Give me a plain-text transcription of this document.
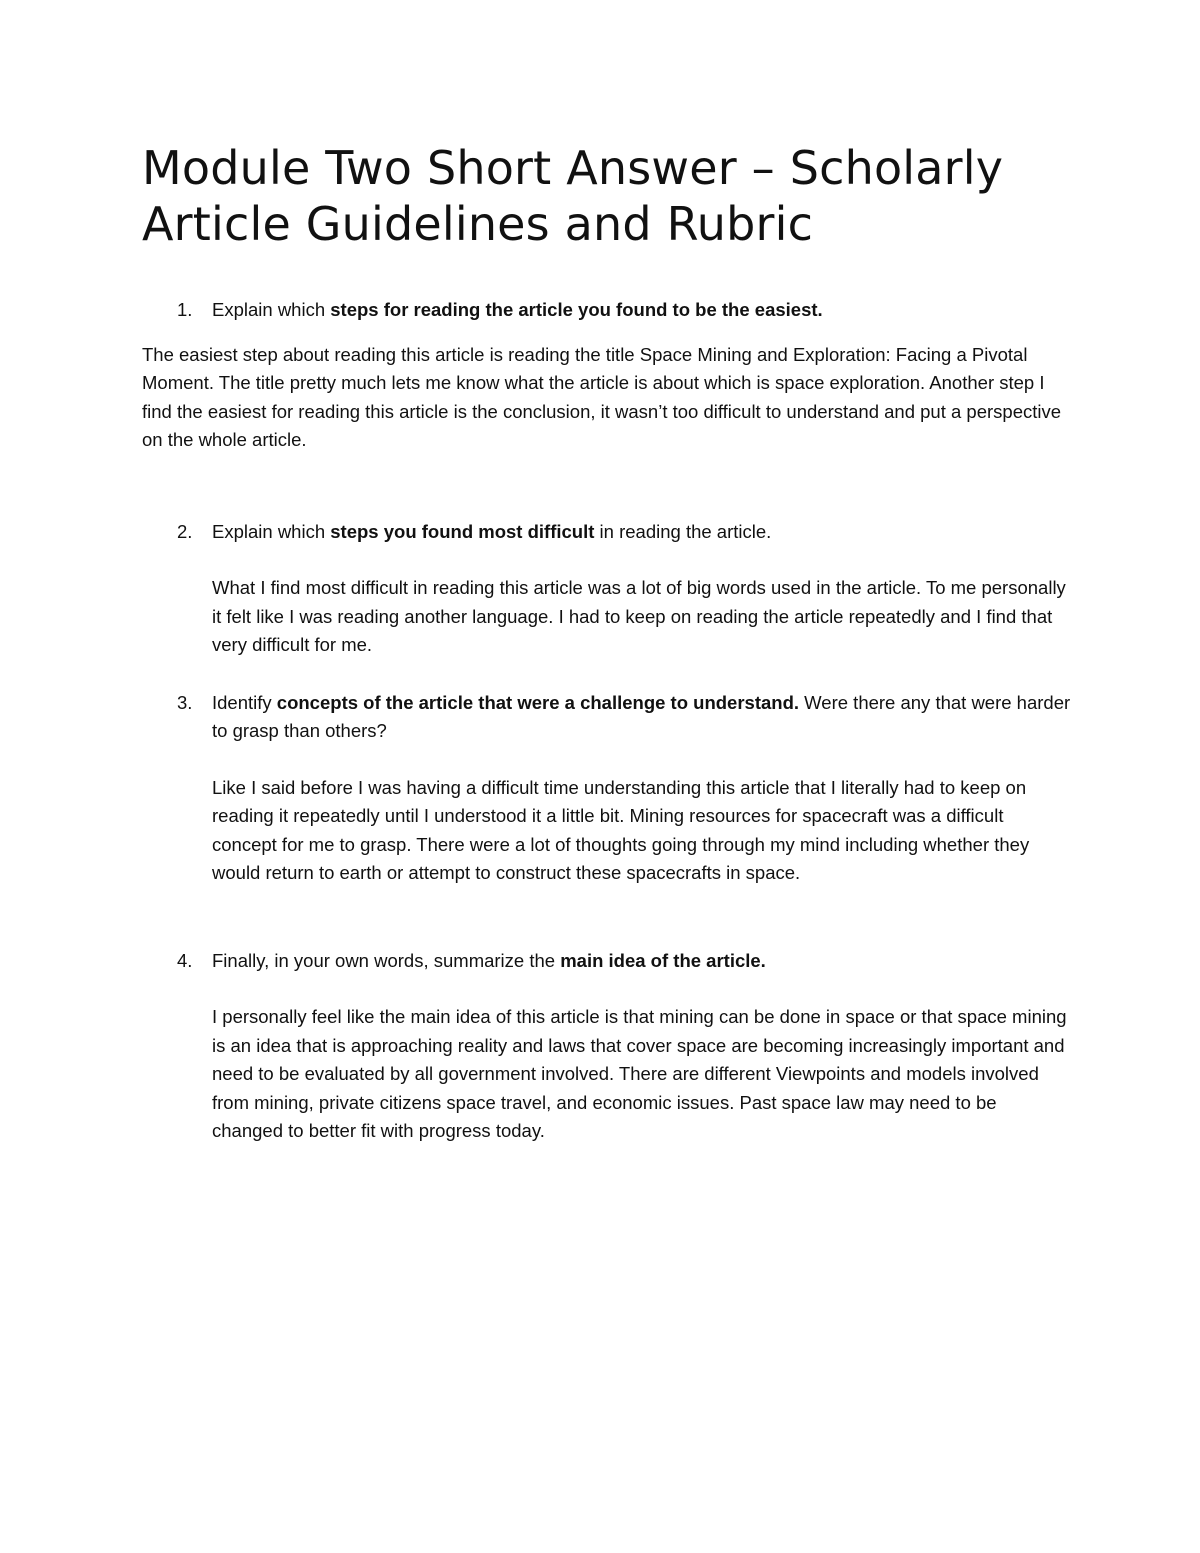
Module Two Short Answer – Scholarly Article Guidelines and Rubric

1. Explain which steps for reading the article you found to be the easiest.

The easiest step about reading this article is reading the title Space Mining and Exploration: Facing a Pivotal Moment. The title pretty much lets me know what the article is about which is space exploration. Another step I find the easiest for reading this article is the conclusion, it wasn’t too difficult to understand and put a perspective on the whole article.

2. Explain which steps you found most difficult in reading the article.

What I find most difficult in reading this article was a lot of big words used in the article. To me personally it felt like I was reading another language. I had to keep on reading the article repeatedly and I find that very difficult for me.

3. Identify concepts of the article that were a challenge to understand. Were there any that were harder to grasp than others?

Like I said before I was having a difficult time understanding this article that I literally had to keep on reading it repeatedly until I understood it a little bit. Mining resources for spacecraft was a difficult concept for me to grasp. There were a lot of thoughts going through my mind including whether they would return to earth or attempt to construct these spacecrafts in space.

4. Finally, in your own words, summarize the main idea of the article.

I personally feel like the main idea of this article is that mining can be done in space or that space mining is an idea that is approaching reality and laws that cover space are becoming increasingly important and need to be evaluated by all government involved. There are different Viewpoints and models involved from mining, private citizens space travel, and economic issues. Past space law may need to be changed to better fit with progress today.
